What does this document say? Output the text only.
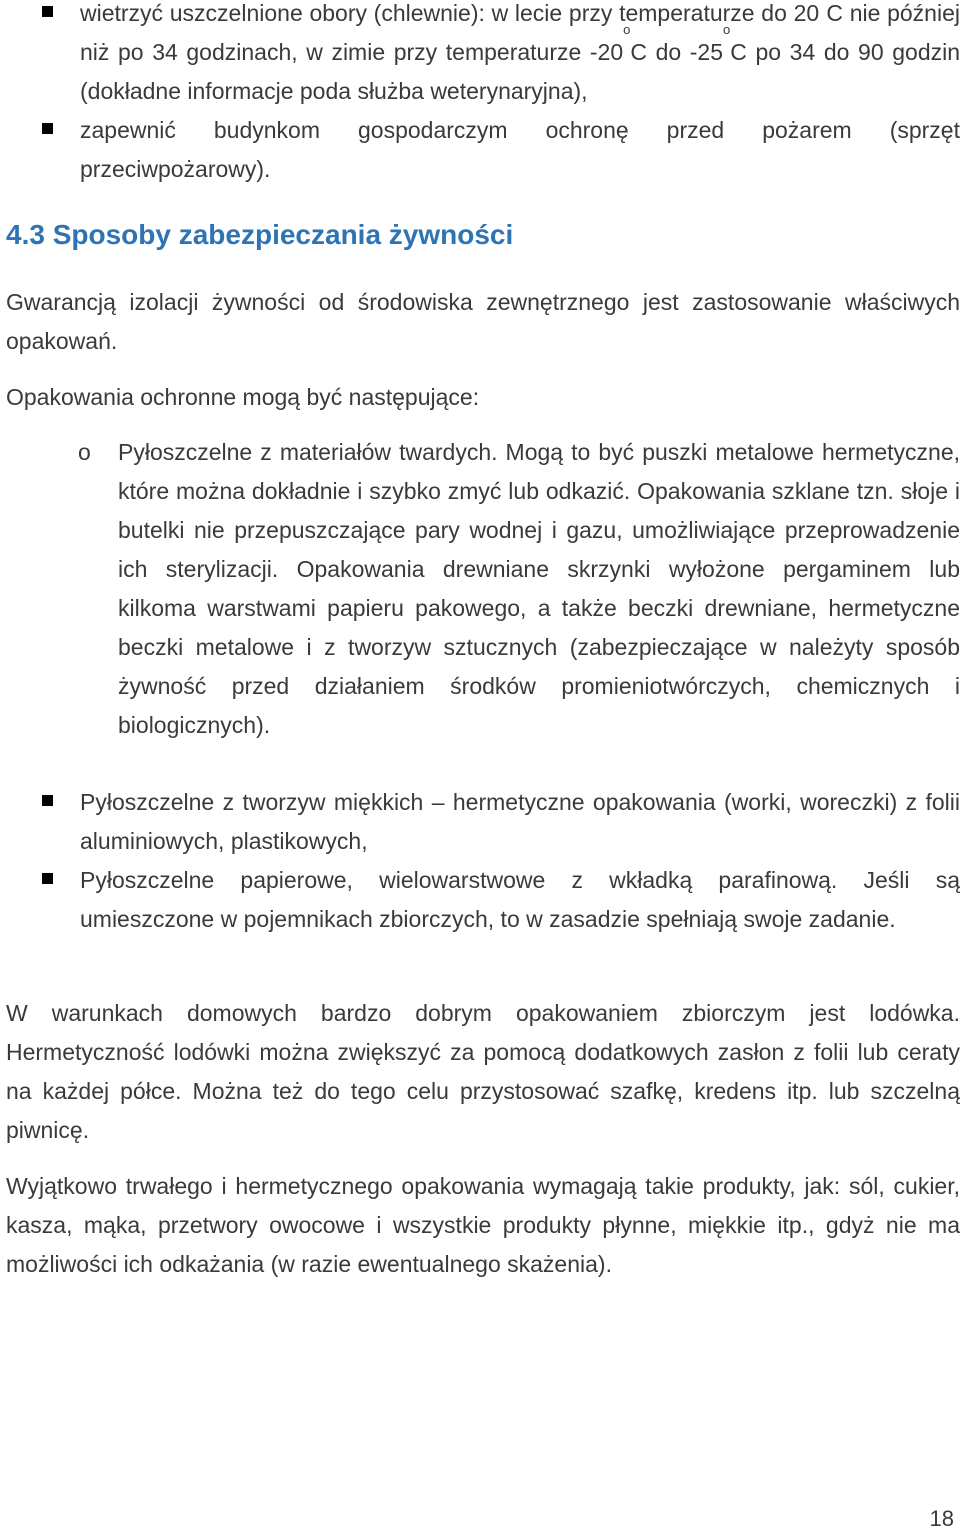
wietrzyć uszczelnione obory (chlewnie): w lecie przy temperaturze do 20 C nie później niż po 34 godzinach, w zimie przy temperaturze -20$^o$C do -25$^o$C po 34 do 90 godzin (dokładne informacje poda służba weterynaryjna),

zapewnić budynkom gospodarczym ochronę przed pożarem (sprzęt przeciwpożarowy).

4.3 Sposoby zabezpieczania żywności

Gwarancją izolacji żywności od środowiska zewnętrznego jest zastosowanie właściwych opakowań.

Opakowania ochronne mogą być następujące:

o Pyłoszczelne z materiałów twardych. Mogą to być puszki metalowe hermetyczne, które można dokładnie i szybko zmyć lub odkazić. Opakowania szklane tzn. słoje i butelki nie przepuszczające pary wodnej i gazu, umożliwiające przeprowadzenie ich sterylizacji. Opakowania drewniane skrzynki wyłożone pergaminem lub kilkoma warstwami papieru pakowego, a także beczki drewniane, hermetyczne beczki metalowe i z tworzyw sztucznych (zabezpieczające w należyty sposób żywność przed działaniem środków promieniotwórczych, chemicznych i biologicznych).

Pyłoszczelne z tworzyw miękkich – hermetyczne opakowania (worki, woreczki) z folii aluminiowych, plastikowych,

Pyłoszczelne papierowe, wielowarstwowe z wkładką parafinową. Jeśli są umieszczone w pojemnikach zbiorczych, to w zasadzie spełniają swoje zadanie.

W warunkach domowych bardzo dobrym opakowaniem zbiorczym jest lodówka. Hermetyczność lodówki można zwiększyć za pomocą dodatkowych zasłon z folii lub ceraty na każdej półce. Można też do tego celu przystosować szafkę, kredens itp. lub szczelną piwnicę.

Wyjątkowo trwałego i hermetycznego opakowania wymagają takie produkty, jak: sól, cukier, kasza, mąka, przetwory owocowe i wszystkie produkty płynne, miękkie itp., gdyż nie ma możliwości ich odkażania (w razie ewentualnego skażenia).

18
